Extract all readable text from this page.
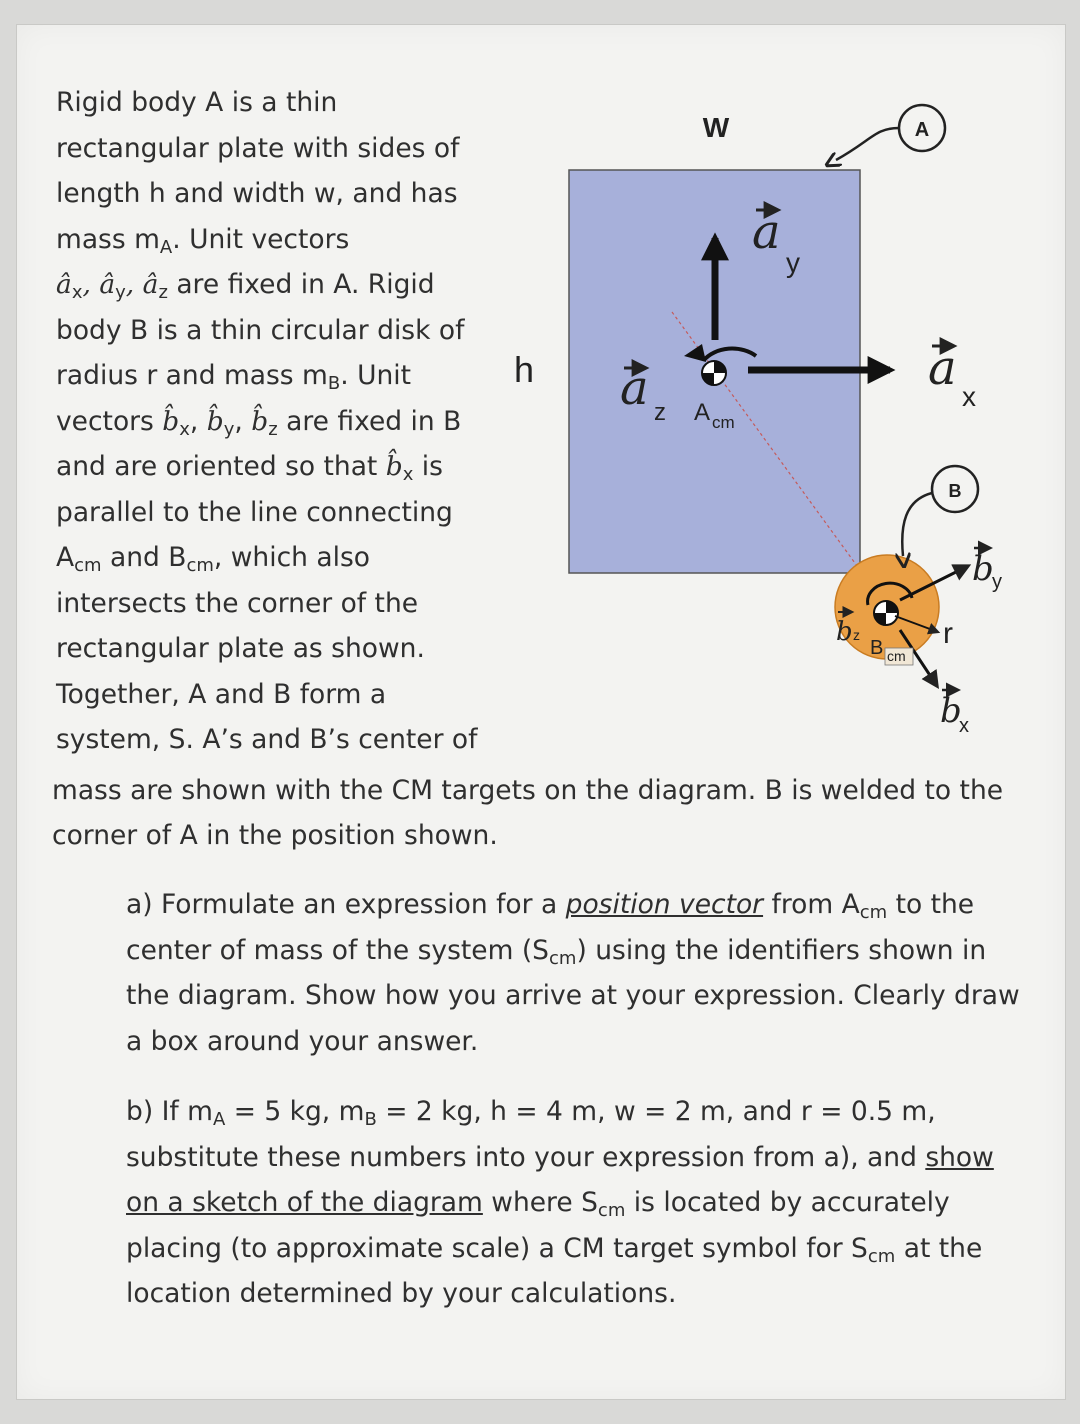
Rigid body A is a thin
rectangular plate with sides of
length h and width w, and has
mass $m_A$. Unit vectors
$â_x$, $â_y$, $â_z$ are fixed in A. Rigid
body B is a thin circular disk of
radius r and mass $m_B$. Unit
vectors $b̂_x$, $b̂_y$, $b̂_z$ are fixed in B
and are oriented so that $b̂_x$ is
parallel to the line connecting
$A_{cm}$ and $B_{cm}$, which also
intersects the corner of the
rectangular plate as shown.
Together, A and B form a
system, S. A’s and B’s center of
mass are shown with the CM targets on the diagram. B is welded to the
corner of A in the position shown.
a) Formulate an expression for a position vector from $A_{cm}$ to the
center of mass of the system $(S_{cm})$ using the identifiers shown in
the diagram. Show how you arrive at your expression. Clearly draw
a box around your answer.
b) If $m_A = 5$ kg, $m_B = 2$ kg, h = 4 m, w = 2 m, and r = 0.5 m,
substitute these numbers into your expression from a), and show
on a sketch of the diagram where $S_{cm}$ is located by accurately
placing (to approximate scale) a CM target symbol for $S_{cm}$ at the
location determined by your calculations.
A
B
W
h
r
a
y
a
x
a z A cm
B cm
b z
b
y
b
x
